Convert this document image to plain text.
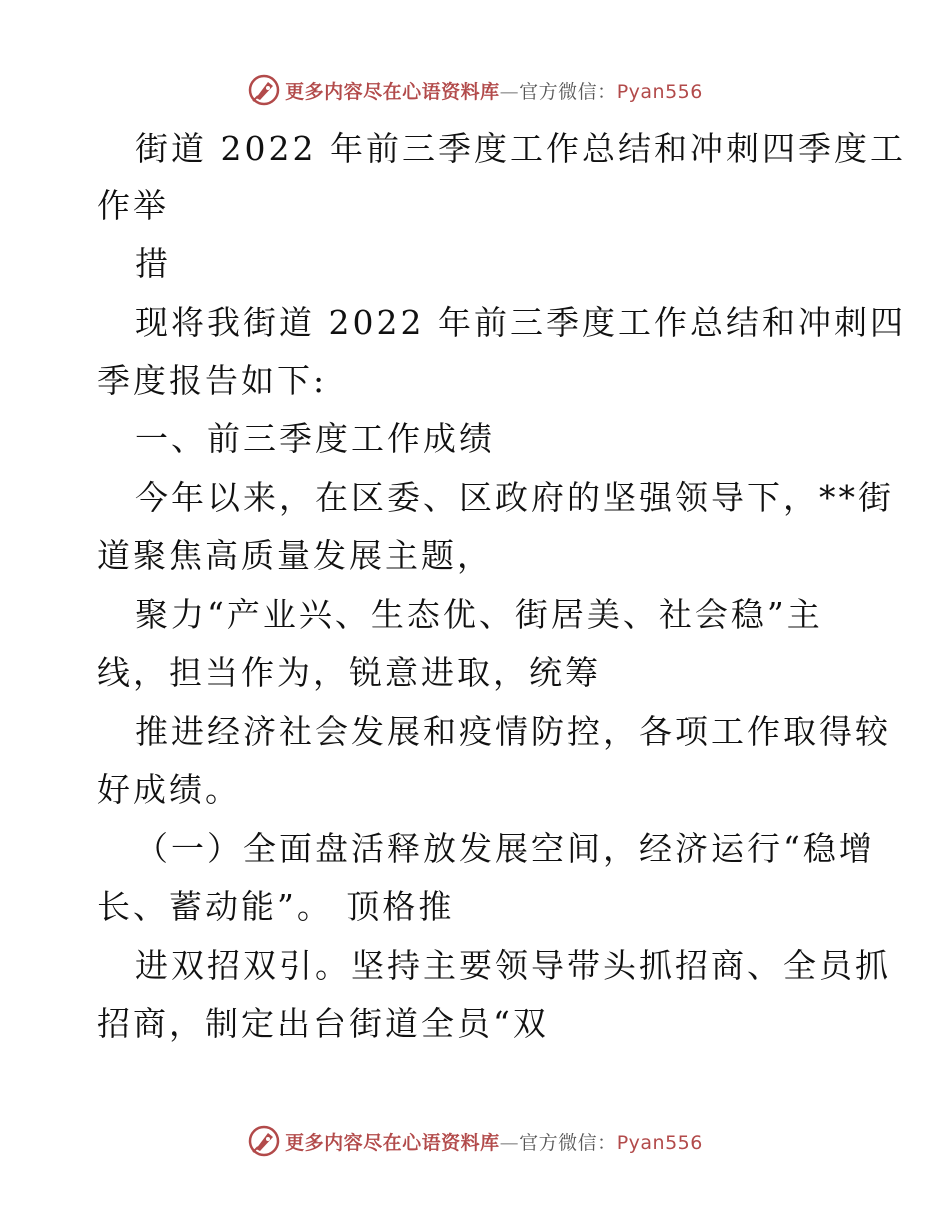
更多内容尽在心语资料库—官方微信：Pyan556
街道 2022 年前三季度工作总结和冲刺四季度工
作举
措
现将我街道 2022 年前三季度工作总结和冲刺四
季度报告如下:
一、前三季度工作成绩
今年以来，在区委、区政府的坚强领导下，**街
道聚焦高质量发展主题，
聚力“产业兴、生态优、街居美、社会稳”主
线，担当作为，锐意进取，统筹
推进经济社会发展和疫情防控，各项工作取得较
好成绩。
（一）全面盘活释放发展空间，经济运行“稳增
长、蓄动能”。 顶格推
进双招双引。坚持主要领导带头抓招商、全员抓
招商，制定出台街道全员“双
更多内容尽在心语资料库—官方微信：Pyan556
